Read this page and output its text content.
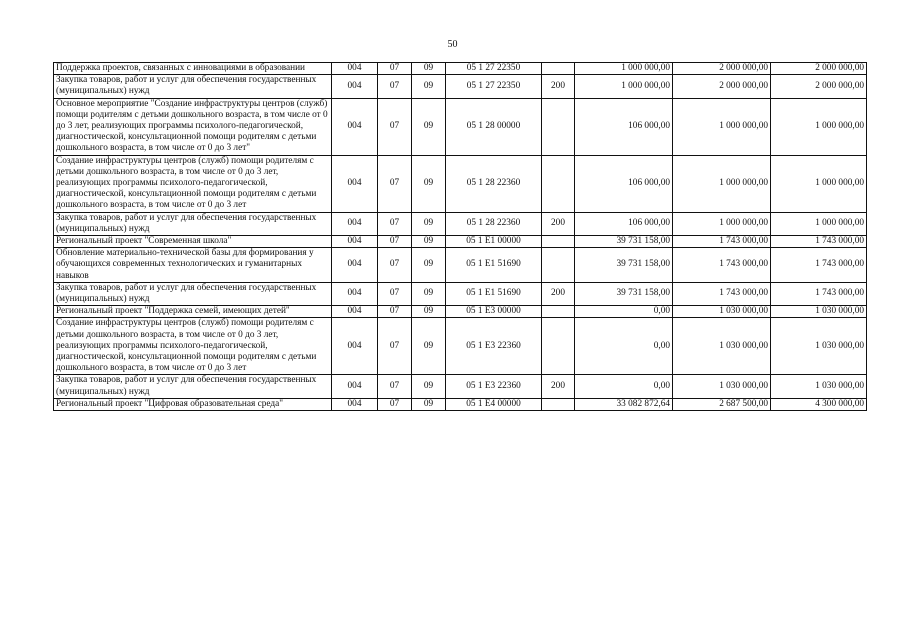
50
Поддержка проектов, связанных с инновациями в образовании	004	07	09	05 1 27 22350		1 000 000,00	2 000 000,00	2 000 000,00
Закупка товаров, работ и услуг для обеспечения государственных (муниципальных) нужд	004	07	09	05 1 27 22350	200	1 000 000,00	2 000 000,00	2 000 000,00
Основное мероприятие "Создание инфраструктуры центров (служб) помощи родителям с детьми дошкольного возраста, в том числе от 0 до 3 лет, реализующих программы психолого-педагогической, диагностической, консультационной помощи родителям с детьми дошкольного возраста, в том числе от 0 до 3 лет"	004	07	09	05 1 28 00000		106 000,00	1 000 000,00	1 000 000,00
Создание инфраструктуры центров (служб) помощи родителям с детьми дошкольного возраста, в том числе от 0 до 3 лет, реализующих программы психолого-педагогической, диагностической, консультационной помощи родителям с детьми дошкольного возраста, в том числе от 0 до 3 лет	004	07	09	05 1 28 22360		106 000,00	1 000 000,00	1 000 000,00
Закупка товаров, работ и услуг для обеспечения государственных (муниципальных) нужд	004	07	09	05 1 28 22360	200	106 000,00	1 000 000,00	1 000 000,00
Региональный проект "Современная школа"	004	07	09	05 1 E1 00000		39 731 158,00	1 743 000,00	1 743 000,00
Обновление материально-технической базы для формирования у обучающихся современных технологических и гуманитарных навыков	004	07	09	05 1 E1 51690		39 731 158,00	1 743 000,00	1 743 000,00
Закупка товаров, работ и услуг для обеспечения государственных (муниципальных) нужд	004	07	09	05 1 E1 51690	200	39 731 158,00	1 743 000,00	1 743 000,00
Региональный проект "Поддержка семей, имеющих детей"	004	07	09	05 1 E3 00000		0,00	1 030 000,00	1 030 000,00
Создание инфраструктуры центров (служб) помощи родителям с детьми дошкольного возраста, в том числе от 0 до 3 лет, реализующих программы психолого-педагогической, диагностической, консультационной помощи родителям с детьми дошкольного возраста, в том числе от 0 до 3 лет	004	07	09	05 1 E3 22360		0,00	1 030 000,00	1 030 000,00
Закупка товаров, работ и услуг для обеспечения государственных (муниципальных) нужд	004	07	09	05 1 E3 22360	200	0,00	1 030 000,00	1 030 000,00
Региональный проект "Цифровая образовательная среда"	004	07	09	05 1 E4 00000		33 082 872,64	2 687 500,00	4 300 000,00
